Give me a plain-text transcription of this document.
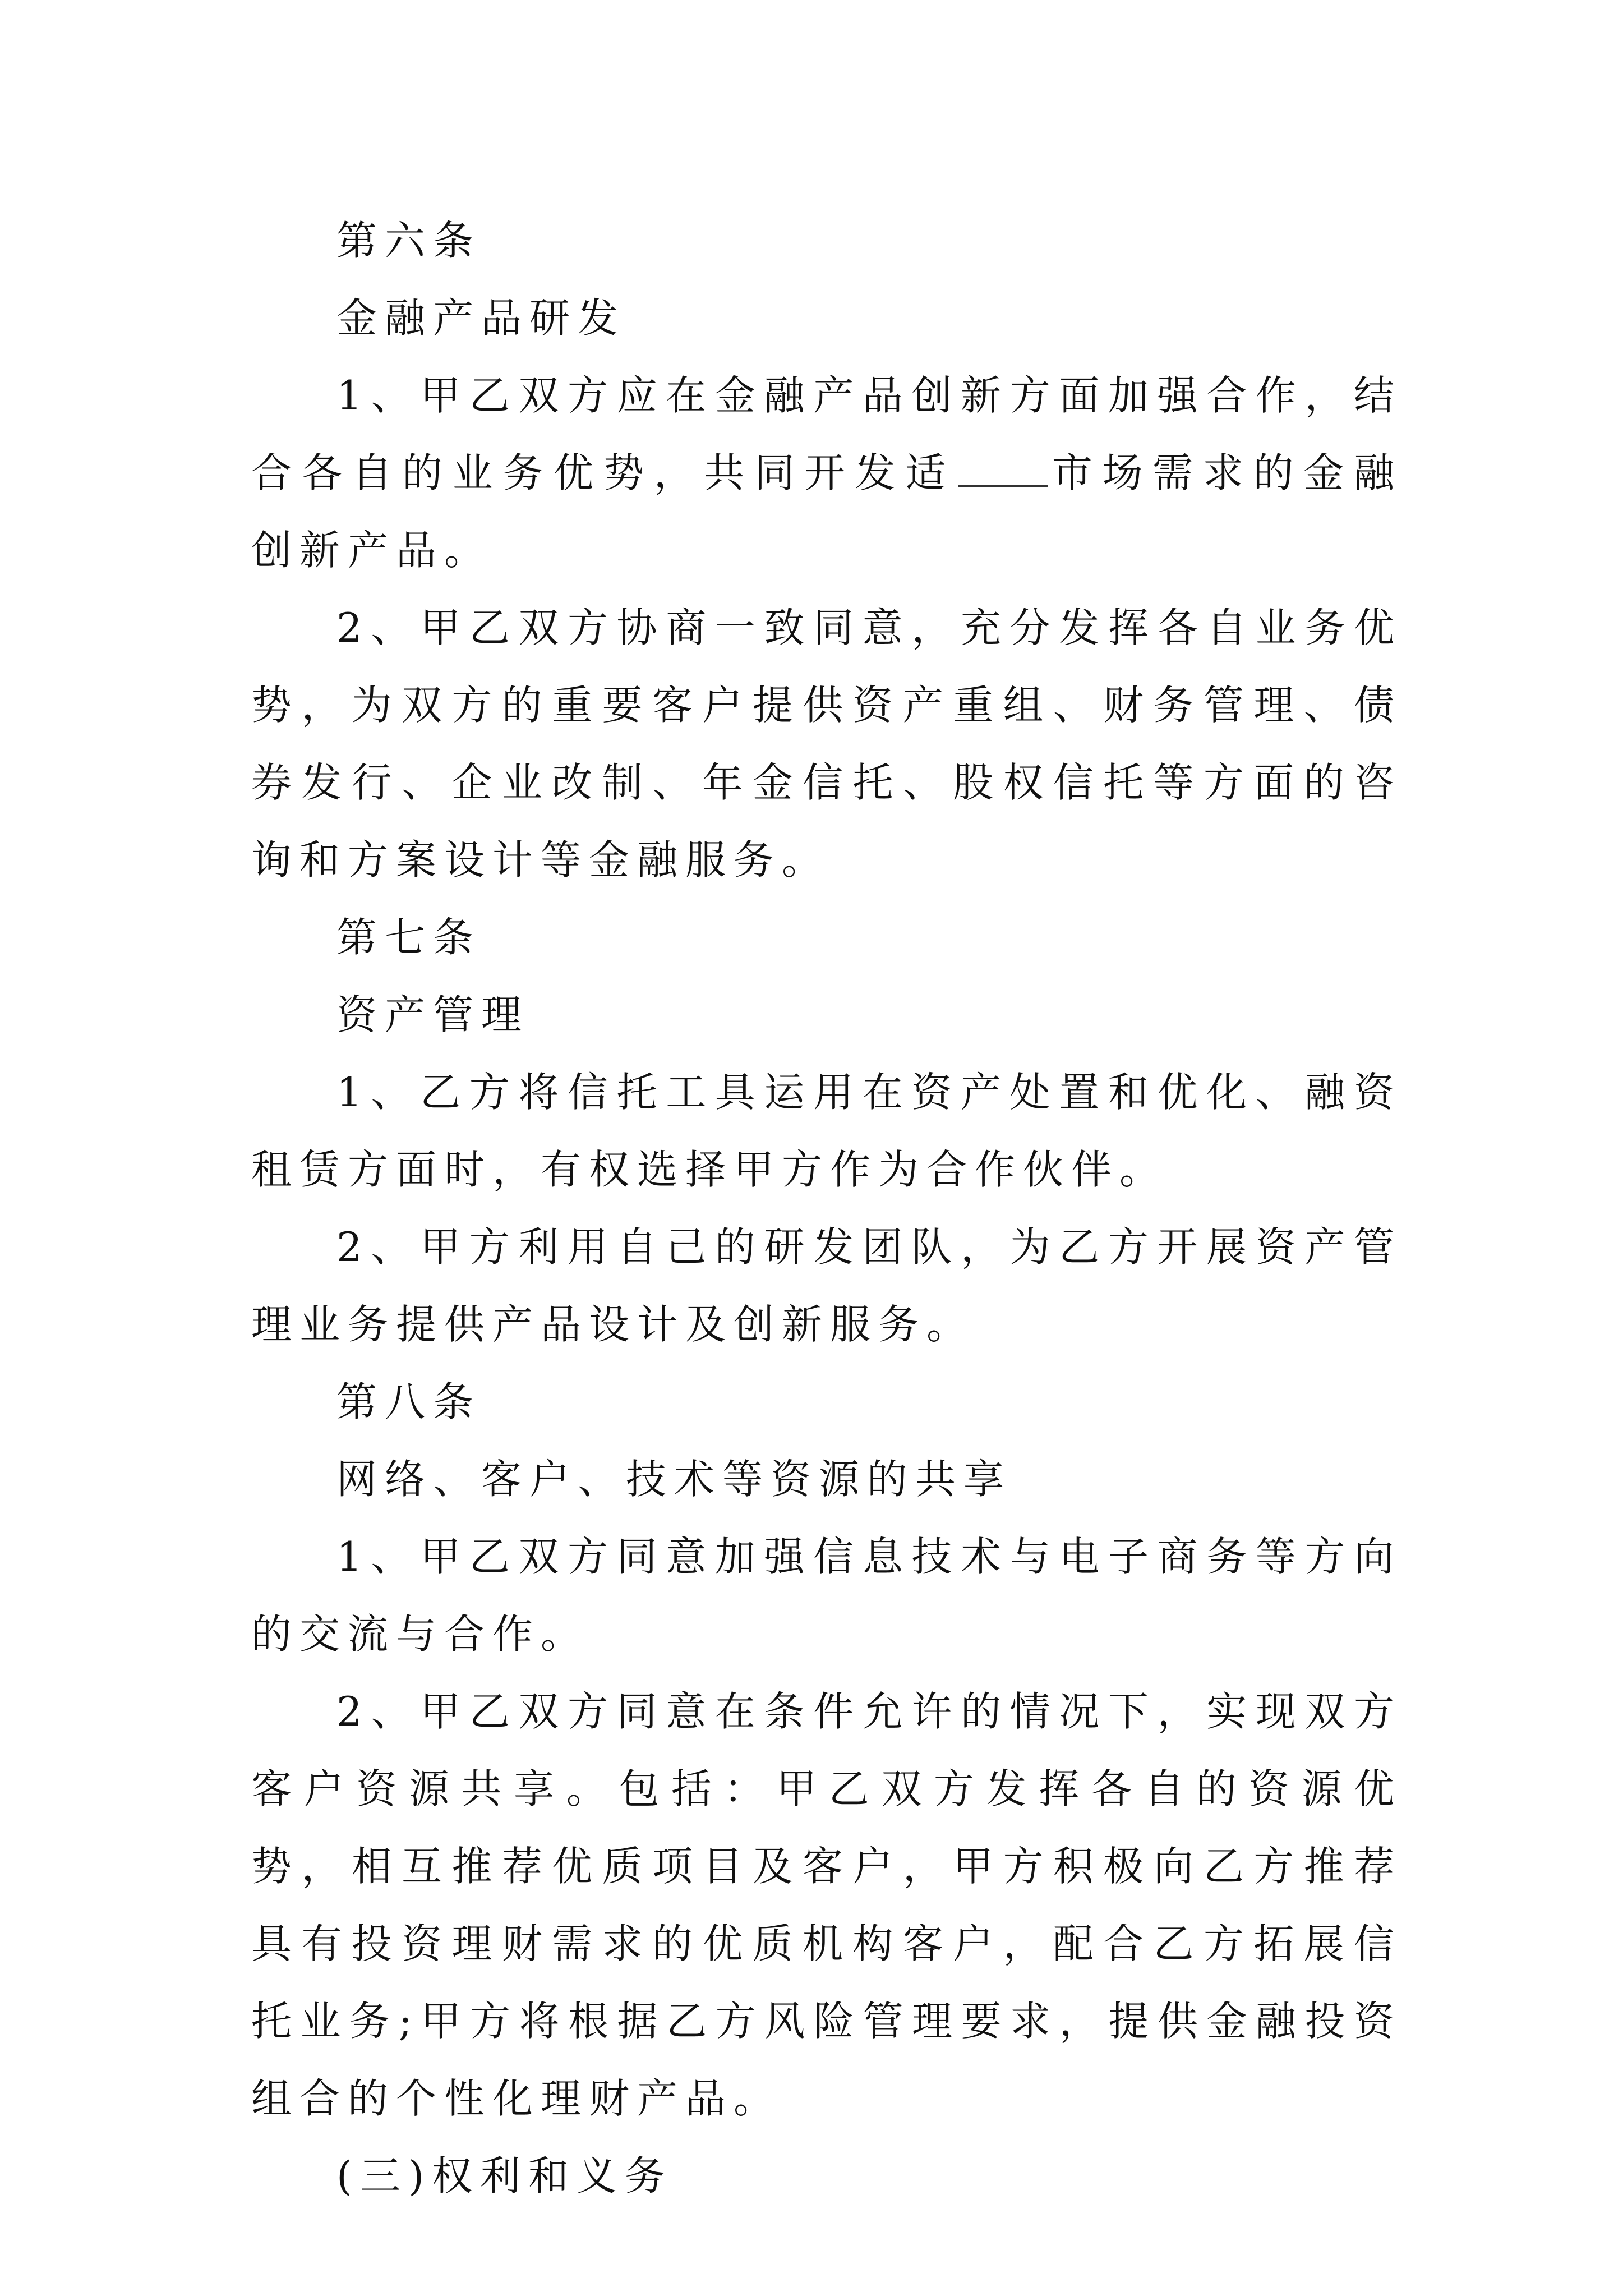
第六条

金融产品研发

1、甲乙双方应在金融产品创新方面加强合作，结合各自的业务优势，共同开发适 市场需求的金融创新产品。

2、甲乙双方协商一致同意，充分发挥各自业务优势，为双方的重要客户提供资产重组、财务管理、债券发行、企业改制、年金信托、股权信托等方面的咨询和方案设计等金融服务。

第七条

资产管理

1、乙方将信托工具运用在资产处置和优化、融资租赁方面时，有权选择甲方作为合作伙伴。

2、甲方利用自己的研发团队，为乙方开展资产管理业务提供产品设计及创新服务。

第八条

网络、客户、技术等资源的共享

1、甲乙双方同意加强信息技术与电子商务等方向的交流与合作。

2、甲乙双方同意在条件允许的情况下，实现双方客户资源共享。包括：甲乙双方发挥各自的资源优势，相互推荐优质项目及客户，甲方积极向乙方推荐具有投资理财需求的优质机构客户，配合乙方拓展信托业务;甲方将根据乙方风险管理要求，提供金融投资组合的个性化理财产品。

(三)权利和义务
